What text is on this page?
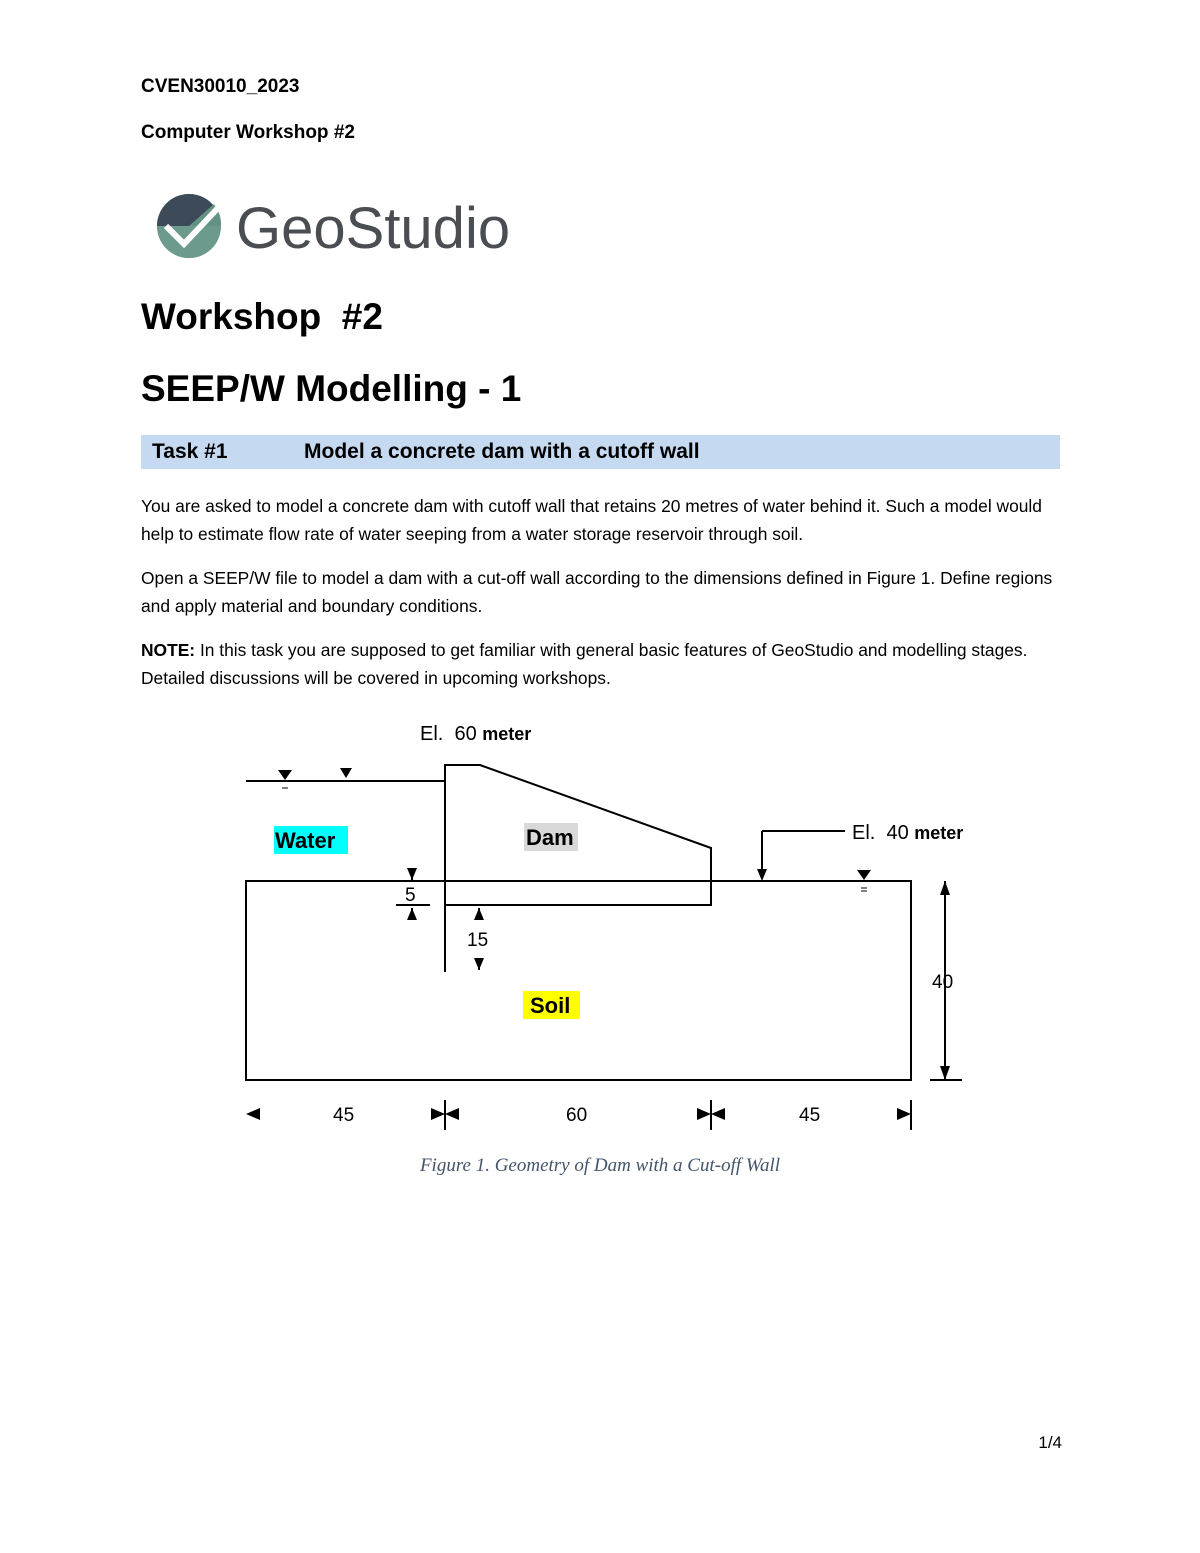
CVEN30010_2023
Computer Workshop #2
GeoStudio
Workshop  #2
SEEP/W Modelling - 1
Task #1	Model a concrete dam with a cutoff wall
You are asked to model a concrete dam with cutoff wall that retains 20 metres of water behind it. Such a model would help to estimate flow rate of water seeping from a water storage reservoir through soil.
Open a SEEP/W file to model a dam with a cut-off wall according to the dimensions defined in Figure 1. Define regions and apply material and boundary conditions.
NOTE: In this task you are supposed to get familiar with general basic features of GeoStudio and modelling stages. Detailed discussions will be covered in upcoming workshops.
Water	Dam
Soil
El.  60 meter
El.  40 meter
5
15
40
45	60	45
Figure 1. Geometry of Dam with a Cut-off Wall
1/4
